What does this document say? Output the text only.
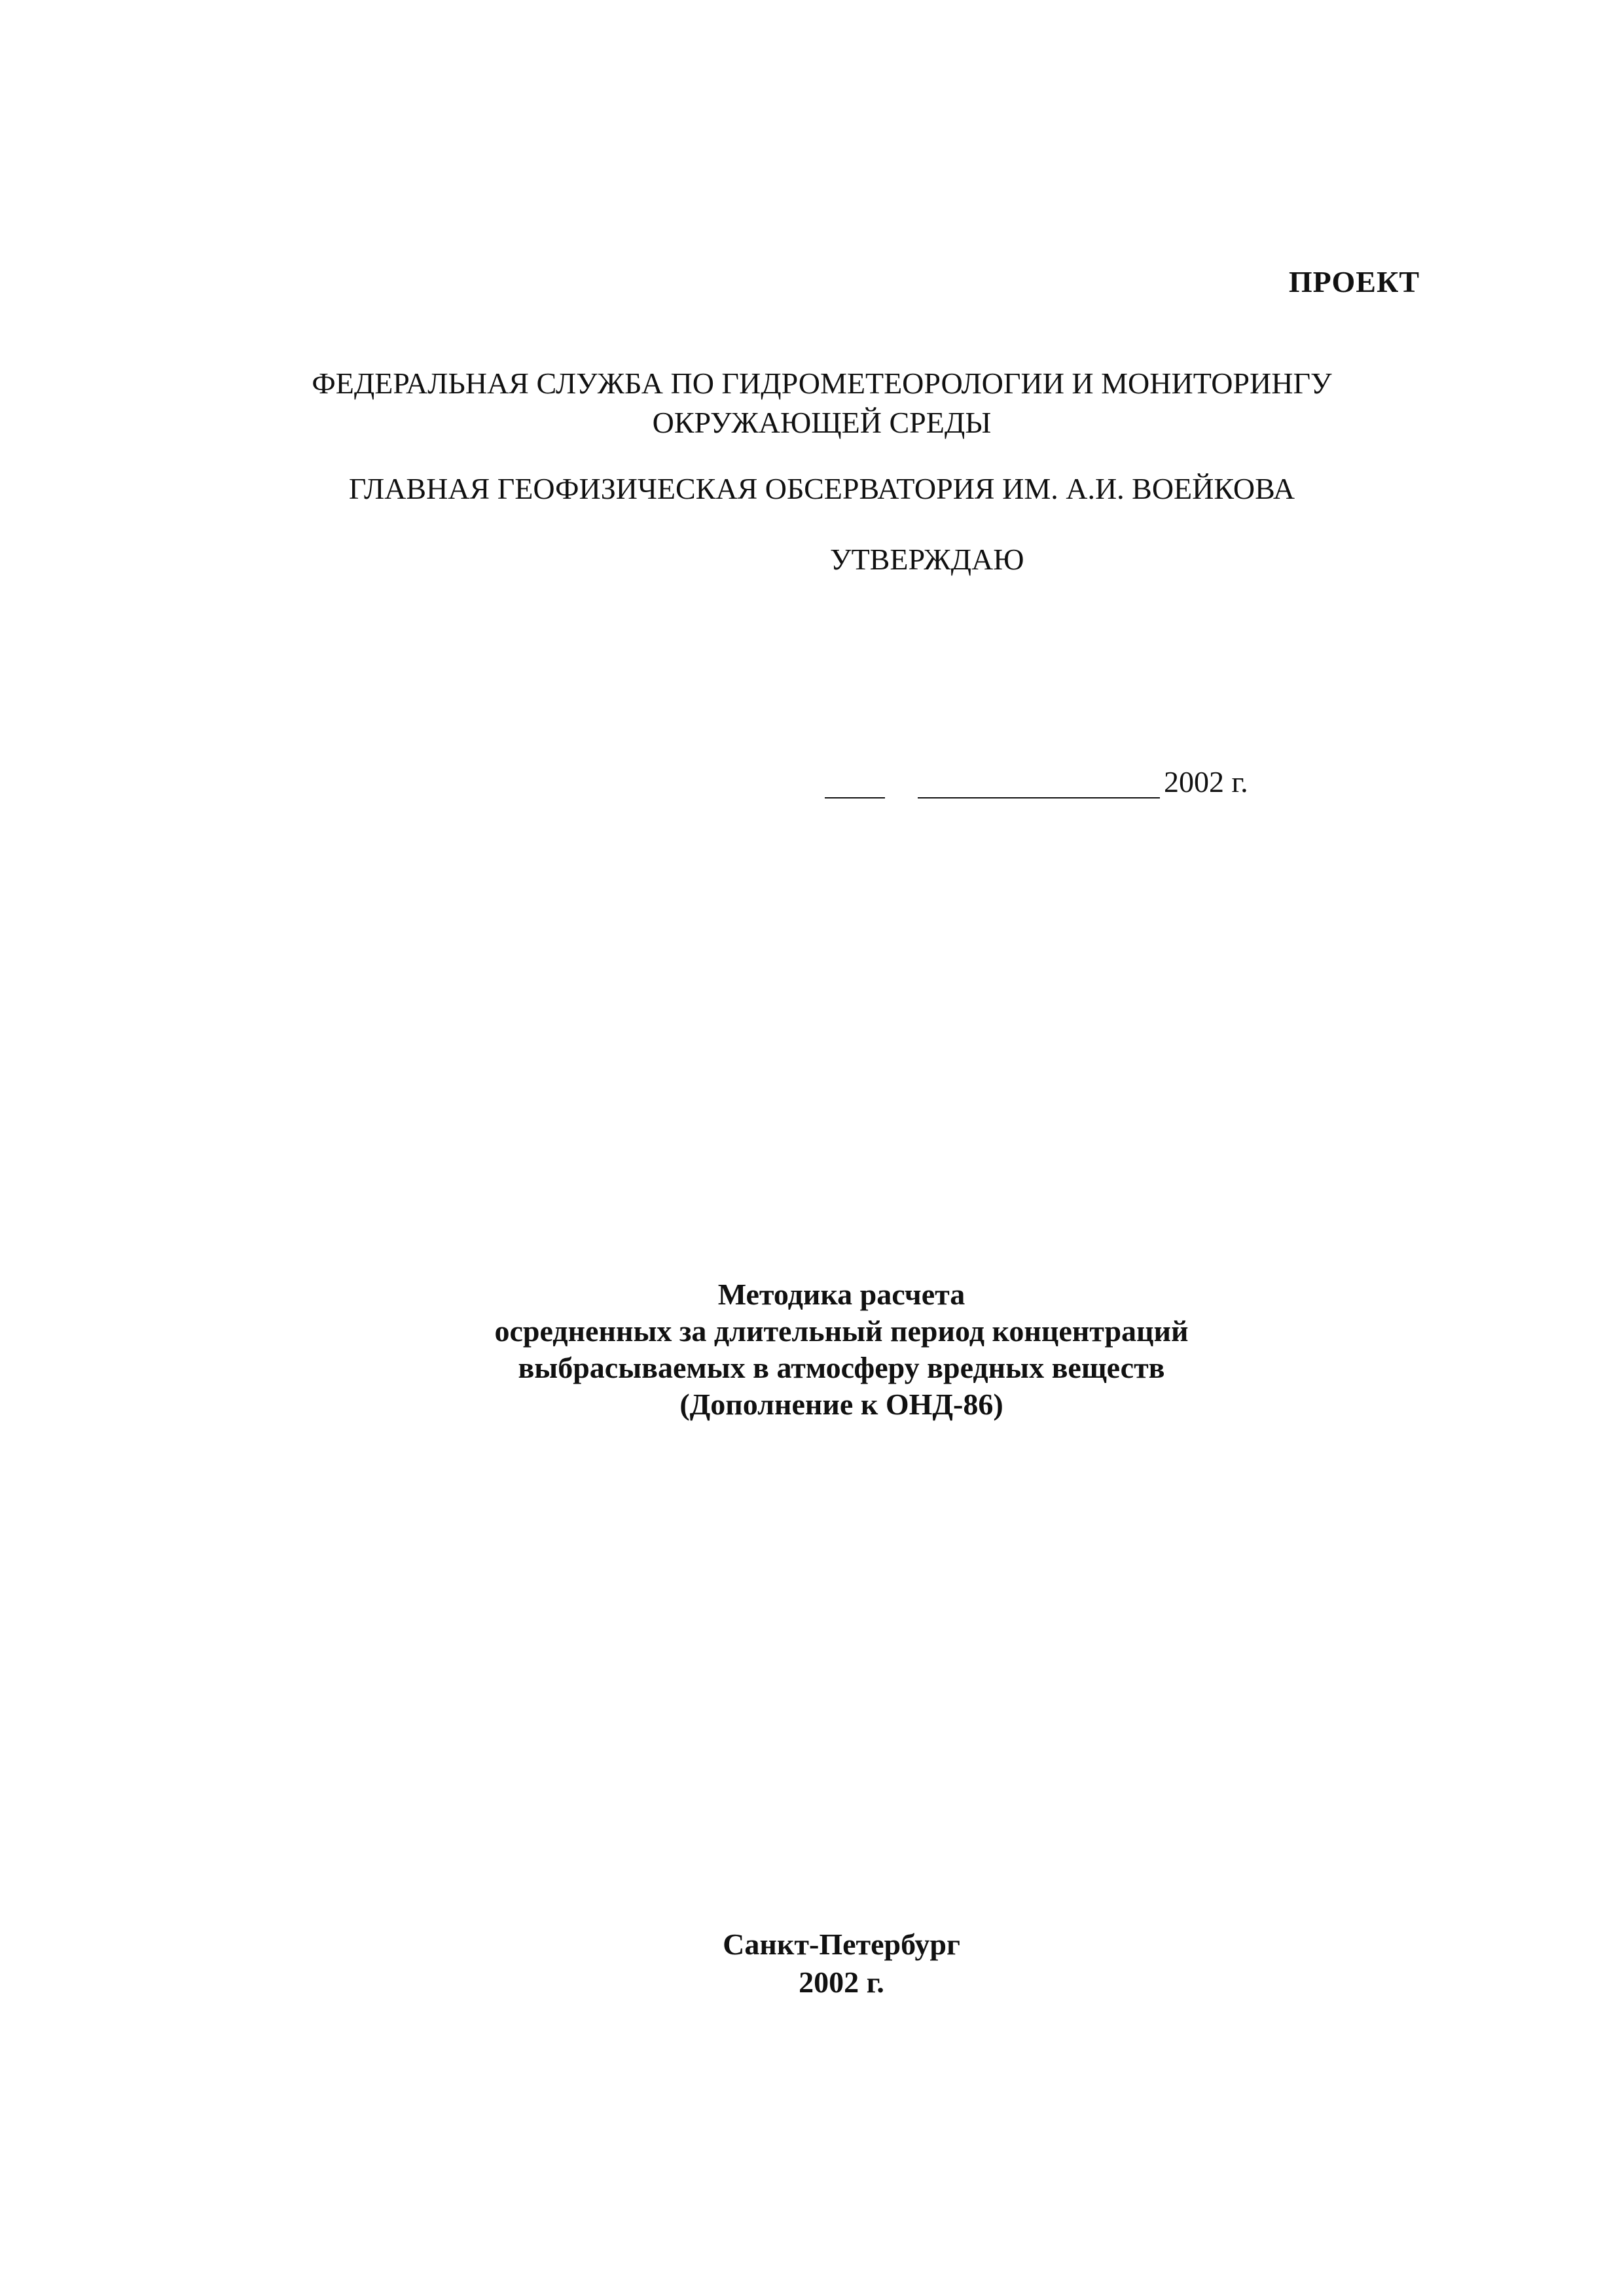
ПРОЕКТ
ФЕДЕРАЛЬНАЯ СЛУЖБА ПО ГИДРОМЕТЕОРОЛОГИИ И МОНИТОРИНГУ
ОКРУЖАЮЩЕЙ СРЕДЫ
ГЛАВНАЯ ГЕОФИЗИЧЕСКАЯ ОБСЕРВАТОРИЯ ИМ. А.И. ВОЕЙКОВА
УТВЕРЖДАЮ
2002 г.
Методика расчета
осредненных за длительный период концентраций
выбрасываемых в атмосферу вредных веществ
(Дополнение к ОНД-86)
Санкт-Петербург
2002 г.
